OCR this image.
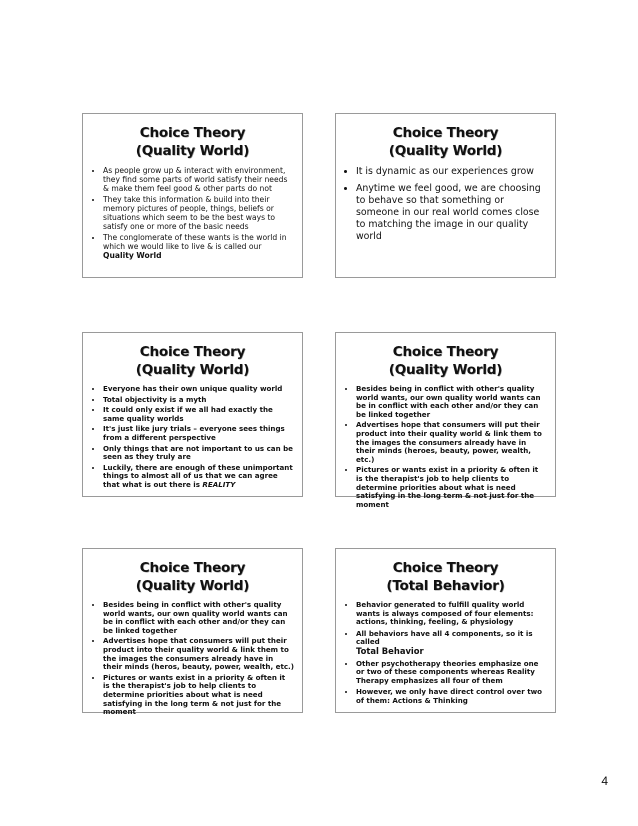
Choice Theory
(Quality World)
• As people grow up & interact with environment, they find some parts of world satisfy their needs & make them feel good & other parts do not
• They take this information & build into their memory pictures of people, things, beliefs or situations which seem to be the best ways to satisfy one or more of the basic needs
• The conglomerate of these wants is the world in which we would like to live & is called our Quality World
Choice Theory
(Quality World)
• It is dynamic as our experiences grow
• Anytime we feel good, we are choosing to behave so that something or someone in our real world comes close to matching the image in our quality world
Choice Theory
(Quality World)
• Everyone has their own unique quality world
• Total objectivity is a myth
• It could only exist if we all had exactly the same quality worlds
• It's just like jury trials – everyone sees things from a different perspective
• Only things that are not important to us can be seen as they truly are
• Luckily, there are enough of these unimportant things to almost all of us that we can agree that what is out there is REALITY
Choice Theory
(Quality World)
• Besides being in conflict with other's quality world wants, our own quality world wants can be in conflict with each other and/or they can be linked together
• Advertises hope that consumers will put their product into their quality world & link them to the images the consumers already have in their minds (heroes, beauty, power, wealth, etc.)
• Pictures or wants exist in a priority & often it is the therapist's job to help clients to determine priorities about what is need satisfying in the long term & not just for the moment
Choice Theory
(Quality World)
• Besides being in conflict with other's quality world wants, our own quality world wants can be in conflict with each other and/or they can be linked together
• Advertises hope that consumers will put their product into their quality world & link them to the images the consumers already have in their minds (heros, beauty, power, wealth, etc.)
• Pictures or wants exist in a priority & often it is the therapist's job to help clients to determine priorities about what is need satisfying in the long term & not just for the moment
Choice Theory
(Total Behavior)
• Behavior generated to fulfill quality world wants is always composed of four elements: actions, thinking, feeling, & physiology
• All behaviors have all 4 components, so it is called
Total Behavior
• Other psychotherapy theories emphasize one or two of these components whereas Reality Therapy emphasizes all four of them
• However, we only have direct control over two of them: Actions & Thinking
4
